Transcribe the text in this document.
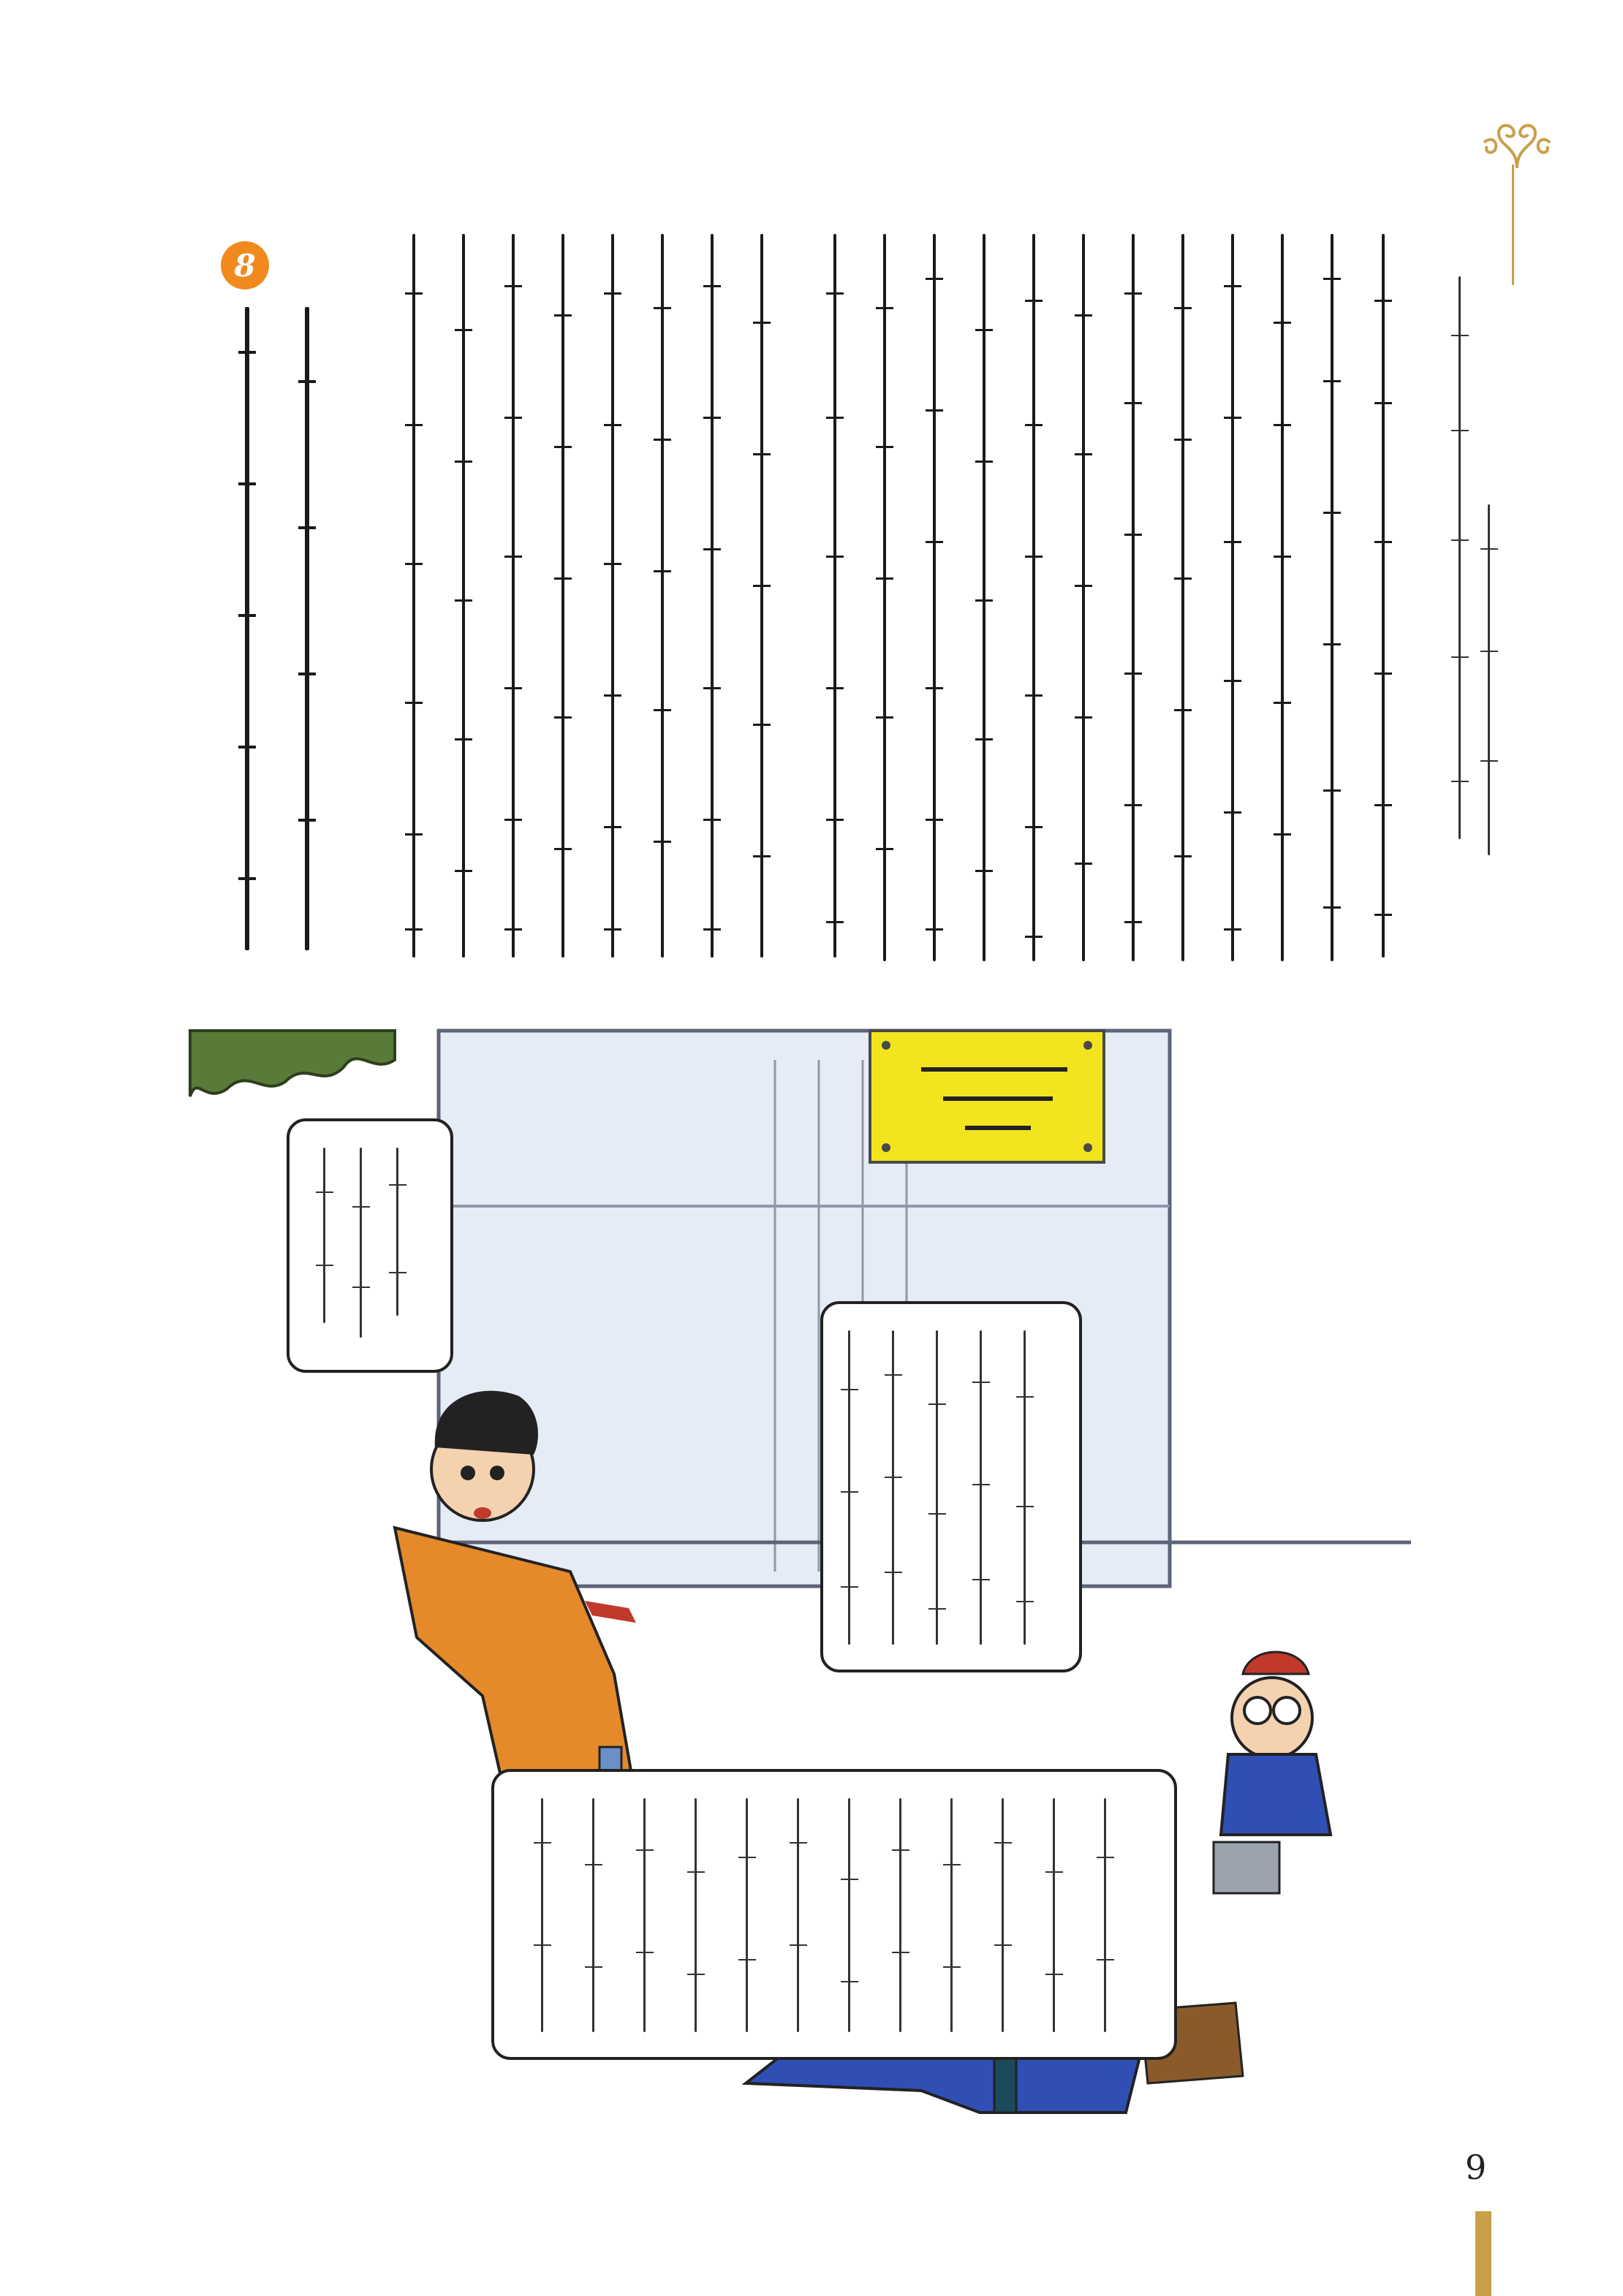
8
9
